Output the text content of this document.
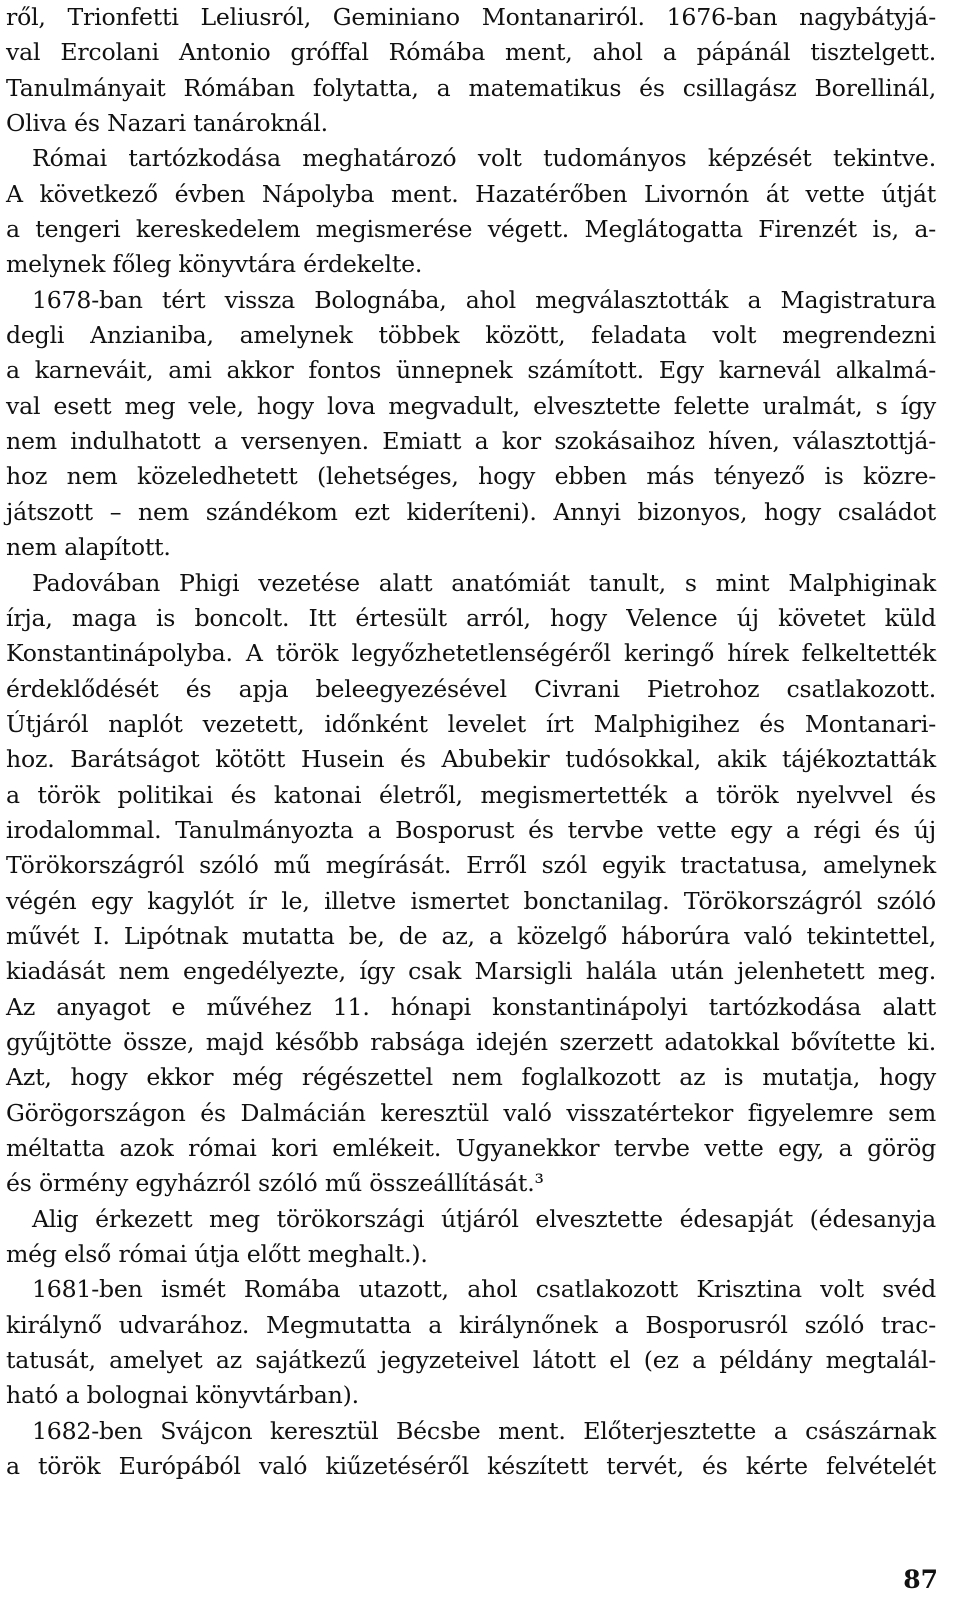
ről, Trionfetti Leliusról, Geminiano Montanariról. 1676-ban nagybátyjá-
val Ercolani Antonio gróffal Rómába ment, ahol a pápánál tisztelgett.
Tanulmányait Rómában folytatta, a matematikus és csillagász Borellinál,
Oliva és Nazari tanároknál.
Római tartózkodása meghatározó volt tudományos képzését tekintve.
A következő évben Nápolyba ment. Hazatérőben Livornón át vette útját
a tengeri kereskedelem megismerése végett. Meglátogatta Firenzét is, a-
melynek főleg könyvtára érdekelte.
1678-ban tért vissza Bolognába, ahol megválasztották a Magistratura
degli Anzianiba, amelynek többek között, feladata volt megrendezni
a karneváit, ami akkor fontos ünnepnek számított. Egy karnevál alkalmá-
val esett meg vele, hogy lova megvadult, elvesztette felette uralmát, s így
nem indulhatott a versenyen. Emiatt a kor szokásaihoz híven, választottjá-
hoz nem közeledhetett (lehetséges, hogy ebben más tényező is közre-
játszott – nem szándékom ezt kideríteni). Annyi bizonyos, hogy családot
nem alapított.
Padovában Phigi vezetése alatt anatómiát tanult, s mint Malphiginak
írja, maga is boncolt. Itt értesült arról, hogy Velence új követet küld
Konstantinápolyba. A török legyőzhetetlenségéről keringő hírek felkeltették
érdeklődését és apja beleegyezésével Civrani Pietrohoz csatlakozott.
Útjáról naplót vezetett, időnként levelet írt Malphigihez és Montanari-
hoz. Barátságot kötött Husein és Abubekir tudósokkal, akik tájékoztatták
a török politikai és katonai életről, megismertették a török nyelvvel és
irodalommal. Tanulmányozta a Bosporust és tervbe vette egy a régi és új
Törökországról szóló mű megírását. Erről szól egyik tractatusa, amelynek
végén egy kagylót ír le, illetve ismertet bonctanilag. Törökországról szóló
művét I. Lipótnak mutatta be, de az, a közelgő háborúra való tekintettel,
kiadását nem engedélyezte, így csak Marsigli halála után jelenhetett meg.
Az anyagot e művéhez 11. hónapi konstantinápolyi tartózkodása alatt
gyűjtötte össze, majd később rabsága idején szerzett adatokkal bővítette ki.
Azt, hogy ekkor még régészettel nem foglalkozott az is mutatja, hogy
Görögországon és Dalmácián keresztül való visszatértekor figyelemre sem
méltatta azok római kori emlékeit. Ugyanekkor tervbe vette egy, a görög
és örmény egyházról szóló mű összeállítását.³
Alig érkezett meg törökországi útjáról elvesztette édesapját (édesanyja
még első római útja előtt meghalt.).
1681-ben ismét Romába utazott, ahol csatlakozott Krisztina volt svéd
királynő udvarához. Megmutatta a királynőnek a Bosporusról szóló trac-
tatusát, amelyet az sajátkezű jegyzeteivel látott el (ez a példány megtalál-
ható a bolognai könyvtárban).
1682-ben Svájcon keresztül Bécsbe ment. Előterjesztette a császárnak
a török Európából való kiűzetéséről készített tervét, és kérte felvételét
87
